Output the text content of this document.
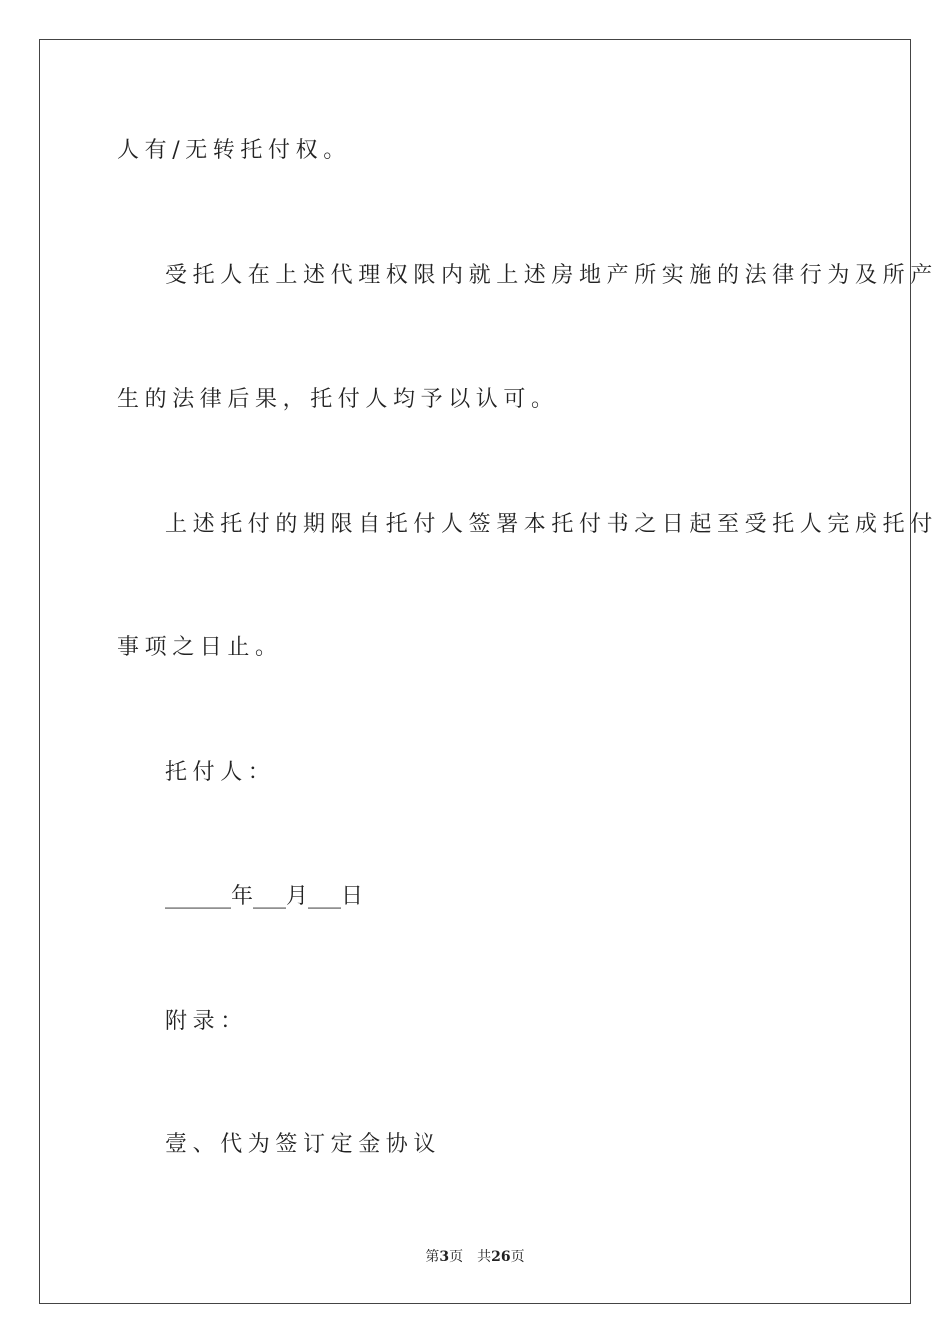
人有/无转托付权。
受托人在上述代理权限内就上述房地产所实施的法律行为及所产
生的法律后果，托付人均予以认可。
上述托付的期限自托付人签署本托付书之日起至受托人完成托付
事项之日止。
托付人：
______年___月___日
附录：
壹、代为签订定金协议
第3页 共26页
